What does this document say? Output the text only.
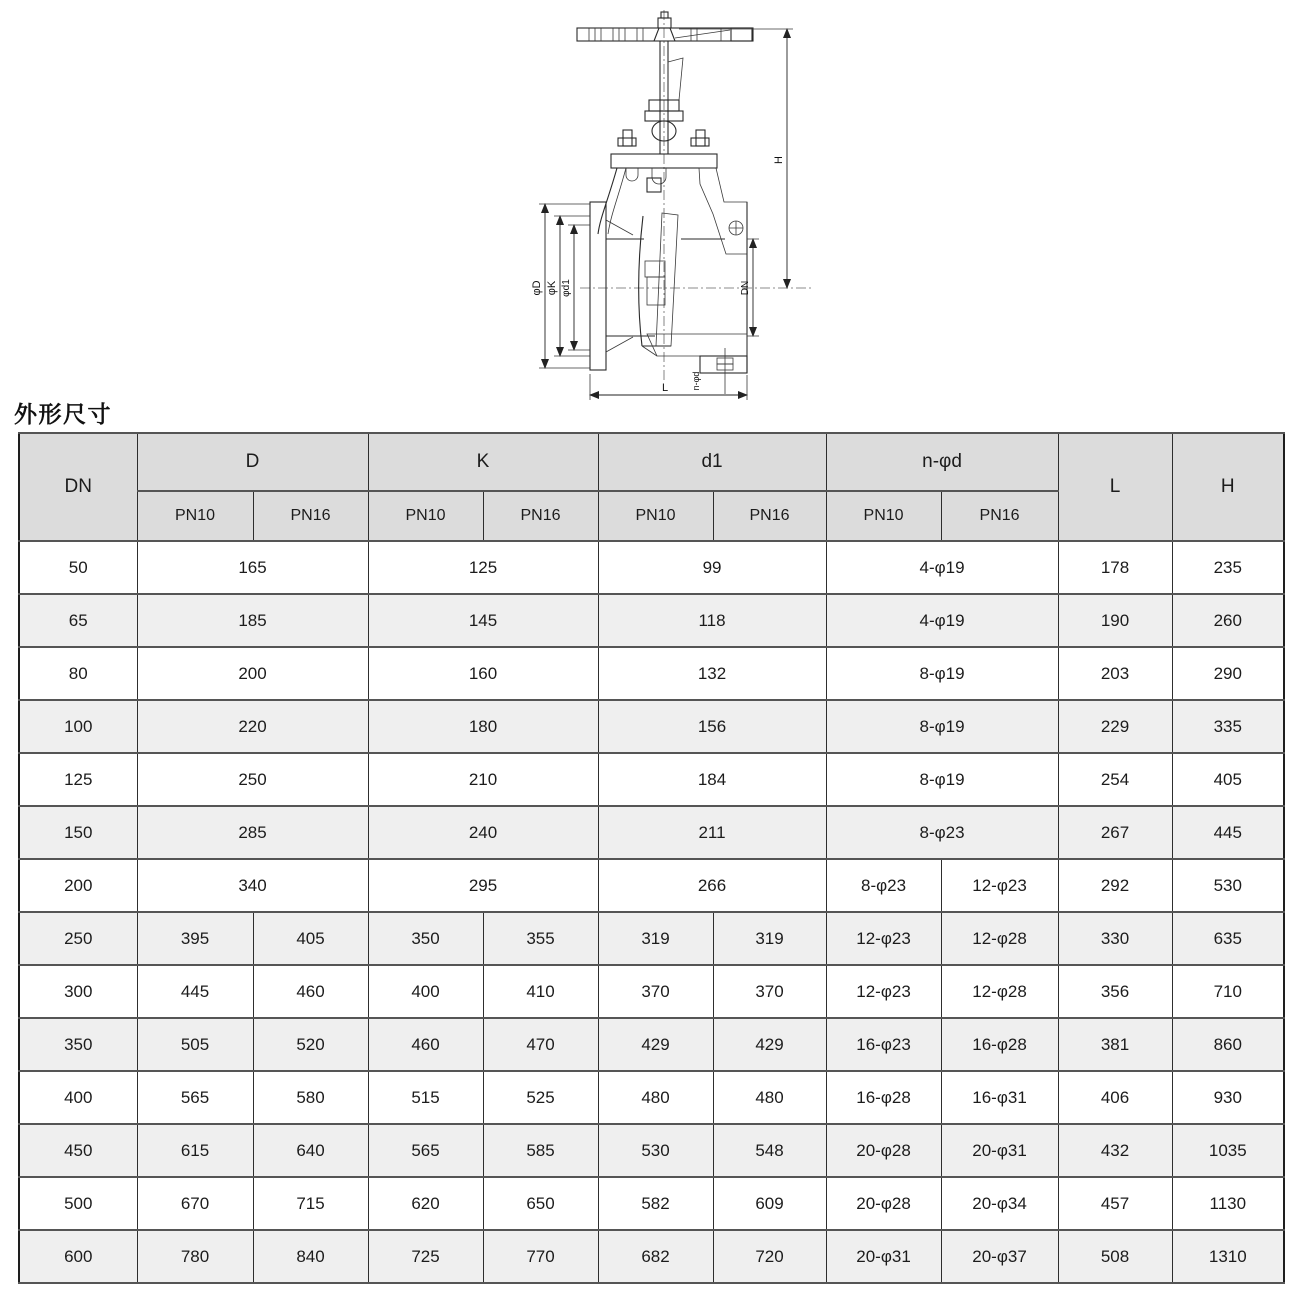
φD φK φd1	DN
H
L	n-φd
外形尺寸
DN	D		K		d1		n-φd		L	H
	PN10	PN16	PN10	PN16	PN10	PN16	PN10	PN16		
50	165		125		99		4-φ19		178	235
65	185		145		118		4-φ19		190	260
80	200		160		132		8-φ19		203	290
100	220		180		156		8-φ19		229	335
125	250		210		184		8-φ19		254	405
150	285		240		211		8-φ23		267	445
200	340		295		266		8-φ23	12-φ23	292	530
250	395	405	350	355	319	319	12-φ23	12-φ28	330	635
300	445	460	400	410	370	370	12-φ23	12-φ28	356	710
350	505	520	460	470	429	429	16-φ23	16-φ28	381	860
400	565	580	515	525	480	480	16-φ28	16-φ31	406	930
450	615	640	565	585	530	548	20-φ28	20-φ31	432	1035
500	670	715	620	650	582	609	20-φ28	20-φ34	457	1130
600	780	840	725	770	682	720	20-φ31	20-φ37	508	1310
